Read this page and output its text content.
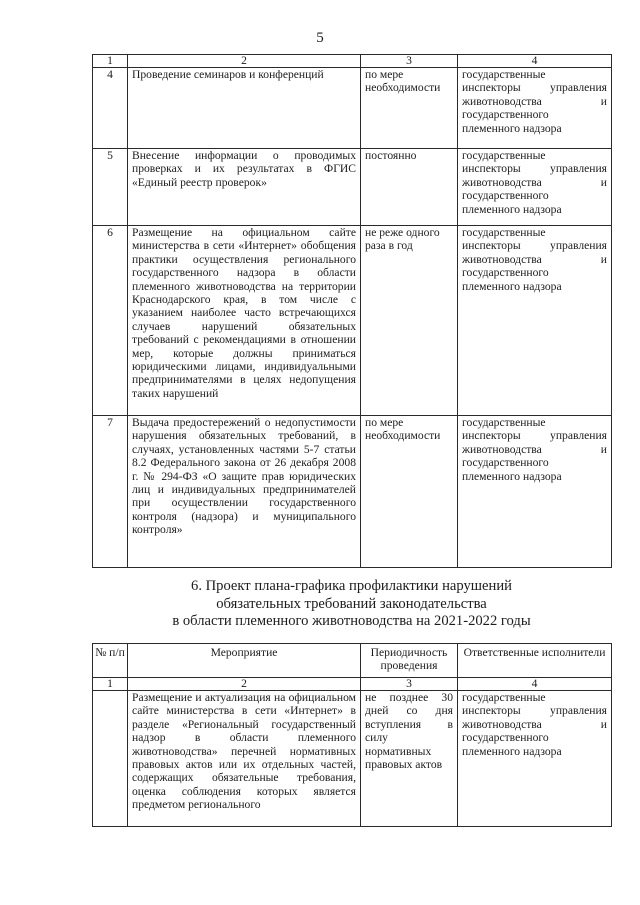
5
1	2	3	4
4	Проведение семинаров и конференций	по мере необходимости	государственные инспекторы управления животноводства и государственного племенного надзора
5	Внесение информации о проводимых проверках и их результатах в ФГИС «Единый реестр проверок»	постоянно	государственные инспекторы управления животноводства и государственного племенного надзора
6	Размещение на официальном сайте министерства в сети «Интернет» обобщения практики осуществления регионального государственного надзора в области племенного животноводства на территории Краснодарского края, в том числе с указанием наиболее часто встречающихся случаев нарушений обязательных требований с рекомендациями в отношении мер, которые должны приниматься юридическими лицами, индивидуальными предпринимателями в целях недопущения таких нарушений	не реже одного раза в год	государственные инспекторы управления животноводства и государственного племенного надзора
7	Выдача предостережений о недопустимости нарушения обязательных требований, в случаях, установленных частями 5-7 статьи 8.2 Федерального закона от 26 декабря 2008 г. № 294-ФЗ «О защите прав юридических лиц и индивидуальных предпринимателей при осуществлении государственного контроля (надзора) и муниципального контроля»	по мере необходимости	государственные инспекторы управления животноводства и государственного племенного надзора
6. Проект плана-графика профилактики нарушений
обязательных требований законодательства
в области племенного животноводства на 2021-2022 годы
№ п/п	Мероприятие	Периодичность проведения	Ответственные исполнители
1	2	3	4
	Размещение и актуализация на официальном сайте министерства в сети «Интернет» в разделе «Региональный государственный надзор в области племенного животноводства» перечней нормативных правовых актов или их отдельных частей, содержащих обязательные требования, оценка соблюдения которых является предметом регионального	не позднее 30 дней со дня вступления в силу нормативных правовых актов	государственные инспекторы управления животноводства и государственного племенного надзора
